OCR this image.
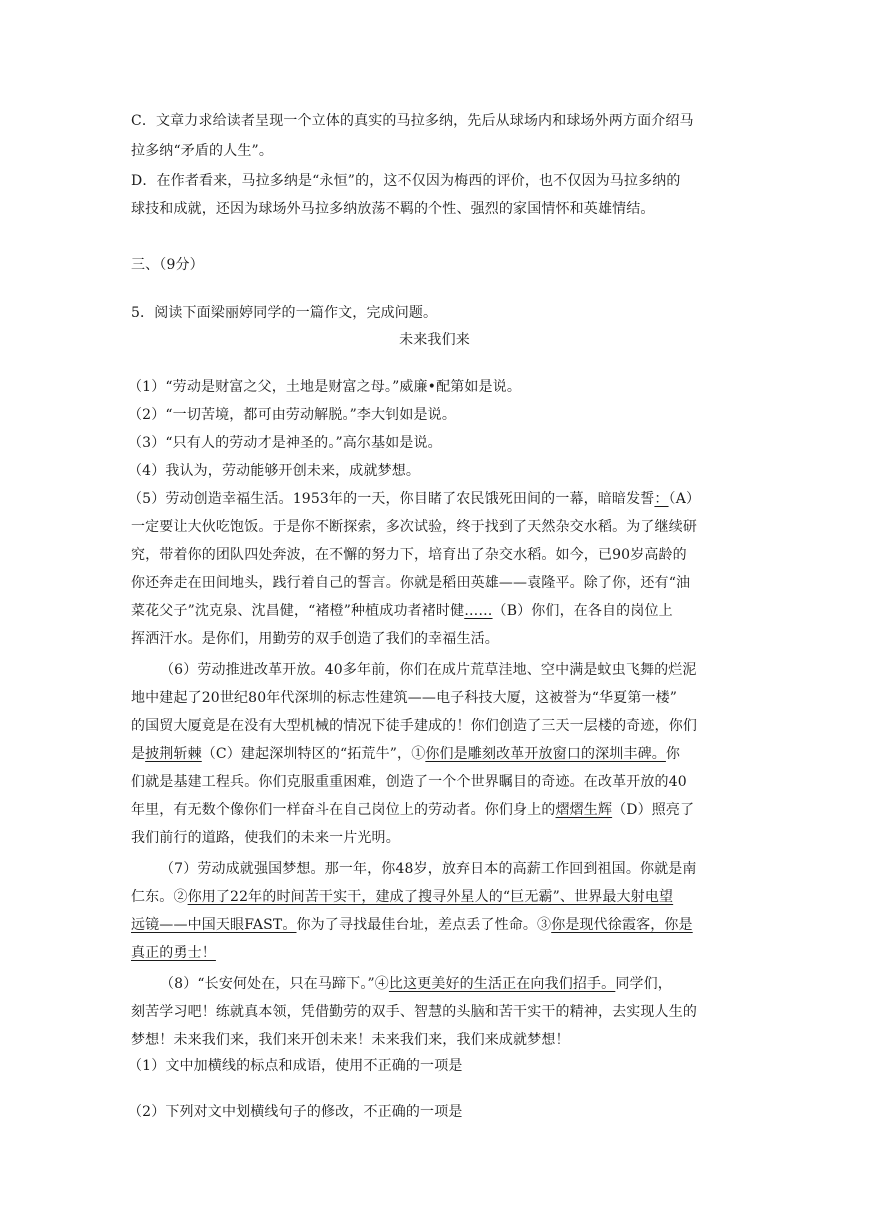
C．文章力求给读者呈现一个立体的真实的马拉多纳，先后从球场内和球场外两方面介绍马
拉多纳“矛盾的人生”。
D．在作者看来，马拉多纳是“永恒”的，这不仅因为梅西的评价，也不仅因为马拉多纳的
球技和成就，还因为球场外马拉多纳放荡不羁的个性、强烈的家国情怀和英雄情结。
三、（9分）
5．阅读下面梁丽婷同学的一篇作文，完成问题。
未来我们来
（1）“劳动是财富之父，土地是财富之母。”威廉•配第如是说。
（2）“一切苦境，都可由劳动解脱。”李大钊如是说。
（3）“只有人的劳动才是神圣的。”高尔基如是说。
（4）我认为，劳动能够开创未来，成就梦想。
（5）劳动创造幸福生活。1953年的一天，你目睹了农民饿死田间的一幕，暗暗发誓：（A）
一定要让大伙吃饱饭。于是你不断探索，多次试验，终于找到了天然杂交水稻。为了继续研
究，带着你的团队四处奔波，在不懈的努力下，培育出了杂交水稻。如今，已90岁高龄的
你还奔走在田间地头，践行着自己的誓言。你就是稻田英雄——袁隆平。除了你，还有“油
菜花父子”沈克泉、沈昌健，“褚橙”种植成功者褚时健……（B）你们，在各自的岗位上
挥洒汗水。是你们，用勤劳的双手创造了我们的幸福生活。
（6）劳动推进改革开放。40多年前，你们在成片荒草洼地、空中满是蚊虫飞舞的烂泥
地中建起了20世纪80年代深圳的标志性建筑——电子科技大厦，这被誉为“华夏第一楼”
的国贸大厦竟是在没有大型机械的情况下徒手建成的！你们创造了三天一层楼的奇迹，你们
是披荆斩棘（C）建起深圳特区的“拓荒牛”，①你们是雕刻改革开放窗口的深圳丰碑。你
们就是基建工程兵。你们克服重重困难，创造了一个个世界瞩目的奇迹。在改革开放的40
年里，有无数个像你们一样奋斗在自己岗位上的劳动者。你们身上的熠熠生辉（D）照亮了
我们前行的道路，使我们的未来一片光明。
（7）劳动成就强国梦想。那一年，你48岁，放弃日本的高薪工作回到祖国。你就是南
仁东。②你用了22年的时间苦干实干，建成了搜寻外星人的“巨无霸”、世界最大射电望
远镜——中国天眼FAST。你为了寻找最佳台址，差点丢了性命。③你是现代徐霞客，你是
真正的勇士！
（8）“长安何处在，只在马蹄下。”④比这更美好的生活正在向我们招手。同学们，
刻苦学习吧！练就真本领，凭借勤劳的双手、智慧的头脑和苦干实干的精神，去实现人生的
梦想！未来我们来，我们来开创未来！未来我们来，我们来成就梦想！
（1）文中加横线的标点和成语，使用不正确的一项是
（2）下列对文中划横线句子的修改，不正确的一项是
